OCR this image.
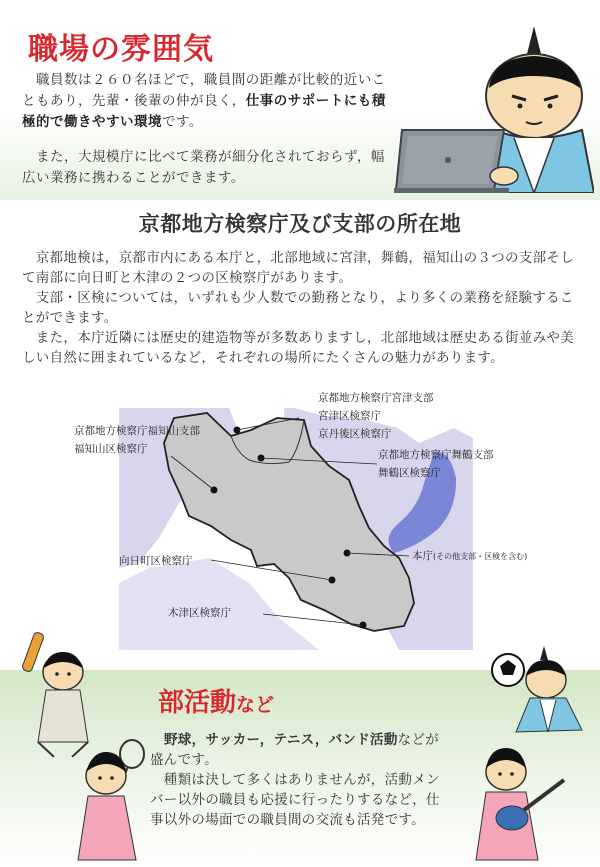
職場の雰囲気
　職員数は２６０名ほどで，職員間の距離が比較的近いこともあり，先輩・後輩の仲が良く，仕事のサポートにも積極的で働きやすい環境です。
　また，大規模庁に比べて業務が細分化されておらず，幅広い業務に携わることができます。
京都地方検察庁及び支部の所在地
　京都地検は，京都市内にある本庁と，北部地域に宮津，舞鶴，福知山の３つの支部そして南部に向日町と木津の２つの区検察庁があります。
　支部・区検については，いずれも少人数での勤務となり，より多くの業務を経験することができます。
　また，本庁近隣には歴史的建造物等が多数ありますし，北部地域は歴史ある街並みや美しい自然に囲まれているなど，それぞれの場所にたくさんの魅力があります。
京都地方検察庁宮津支部
宮津区検察庁
京丹後区検察庁
京都地方検察庁福知山支部
福知山区検察庁	京都地方検察庁舞鶴支部
舞鶴区検察庁
本庁(その他支部・区検を含む)
向日町区検察庁
木津区検察庁
部活動など
野球，サッカー，テニス，バンド活動などが盛んです。
　種類は決して多くはありませんが，活動メンバー以外の職員も応援に行ったりするなど，仕事以外の場面での職員間の交流も活発です。
